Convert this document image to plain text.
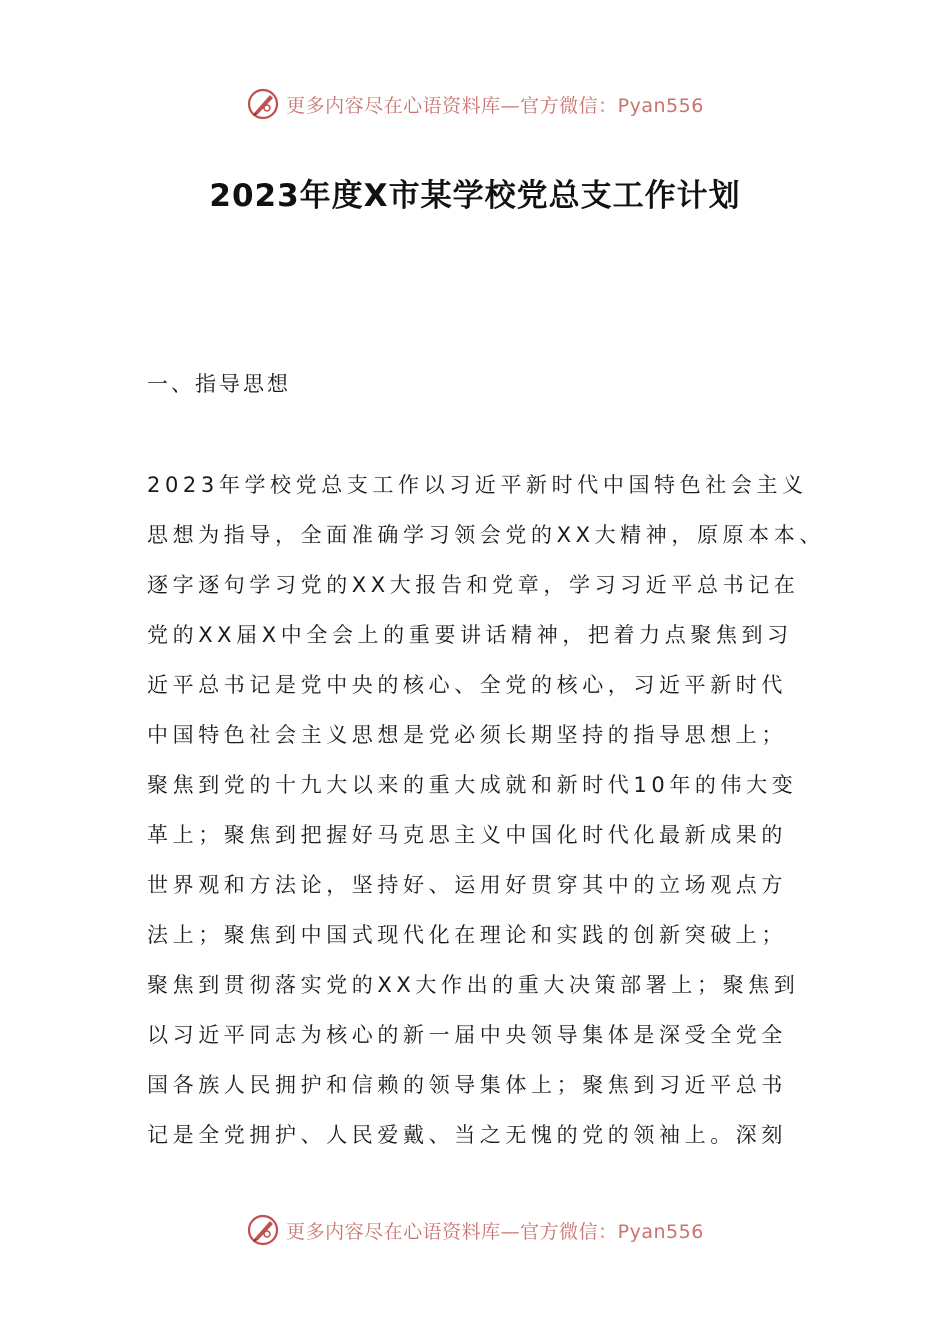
更多内容尽在心语资料库—官方微信：Pyan556
2023年度X市某学校党总支工作计划
一、指导思想
2023年学校党总支工作以习近平新时代中国特色社会主义
思想为指导，全面准确学习领会党的XX大精神，原原本本、
逐字逐句学习党的XX大报告和党章，学习习近平总书记在
党的XX届X中全会上的重要讲话精神，把着力点聚焦到习
近平总书记是党中央的核心、全党的核心，习近平新时代
中国特色社会主义思想是党必须长期坚持的指导思想上；
聚焦到党的十九大以来的重大成就和新时代10年的伟大变
革上；聚焦到把握好马克思主义中国化时代化最新成果的
世界观和方法论，坚持好、运用好贯穿其中的立场观点方
法上；聚焦到中国式现代化在理论和实践的创新突破上；
聚焦到贯彻落实党的XX大作出的重大决策部署上；聚焦到
以习近平同志为核心的新一届中央领导集体是深受全党全
国各族人民拥护和信赖的领导集体上；聚焦到习近平总书
记是全党拥护、人民爱戴、当之无愧的党的领袖上。深刻
更多内容尽在心语资料库—官方微信：Pyan556
